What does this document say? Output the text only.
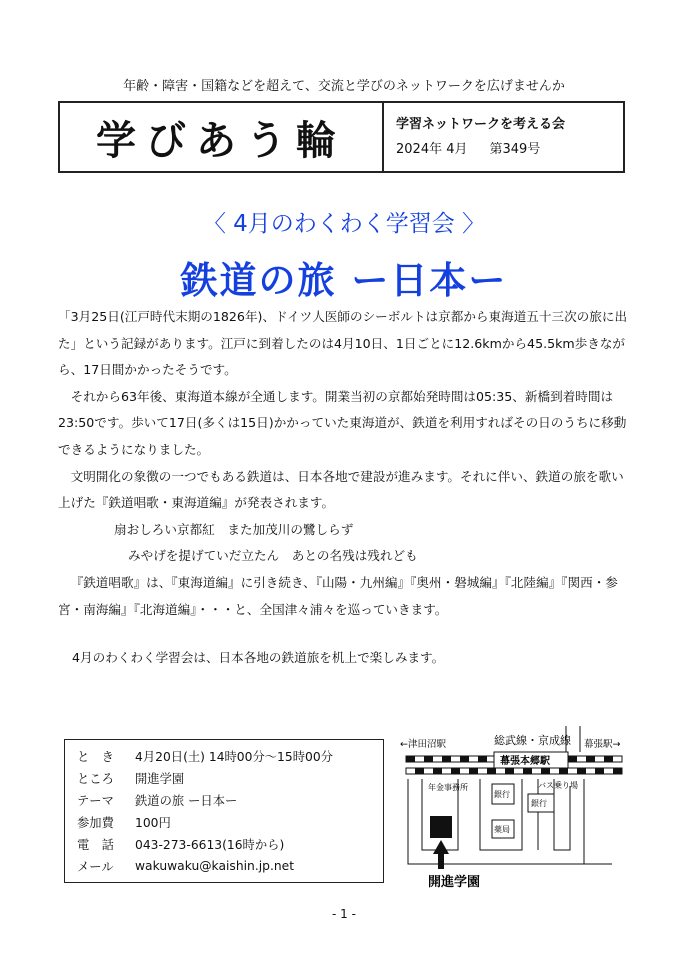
年齢・障害・国籍などを超えて、交流と学びのネットワークを広げませんか
学びあう輪	学習ネットワークを考える会
2024年 4月 第349号
〈 4月のわくわく学習会 〉
鉄道の旅 ー日本ー

「3月25日(江戸時代末期の1826年)、ドイツ人医師のシーボルトは京都から東海道五十三次の旅に出た」という記録があります。江戸に到着したのは4月10日、1日ごとに12.6kmから45.5km歩きながら、17日間かかったそうです。

それから63年後、東海道本線が全通します。開業当初の京都始発時間は05:35、新橋到着時間は23:50です。歩いて17日(多くは15日)かかっていた東海道が、鉄道を利用すればその日のうちに移動できるようになりました。

文明開化の象徴の一つでもある鉄道は、日本各地で建設が進みます。それに伴い、鉄道の旅を歌い上げた『鉄道唱歌・東海道編』が発表されます。

扇おしろい京都紅　また加茂川の鷺しらず

みやげを提げていだ立たん　あとの名残は残れども

『鉄道唱歌』は、『東海道編』に引き続き、『山陽・九州編』『奥州・磐城編』『北陸編』『関西・参宮・南海編』『北海道編』・・・と、全国津々浦々を巡っていきます。

4月のわくわく学習会は、日本各地の鉄道旅を机上で楽しみます。

と　き	4月20日(土) 14時00分～15時00分
ところ	開進学園
テーマ	鉄道の旅 ー日本ー
参加費	100円
電　話	043-273-6613(16時から)
メール	wakuwaku@kaishin.jp.net
←津田沼駅	総武線・京成線 幕張駅→
幕張本郷駅
年金事務所
銀行
銀行
バス乗り場
薬局
開進学園
- 1 -
